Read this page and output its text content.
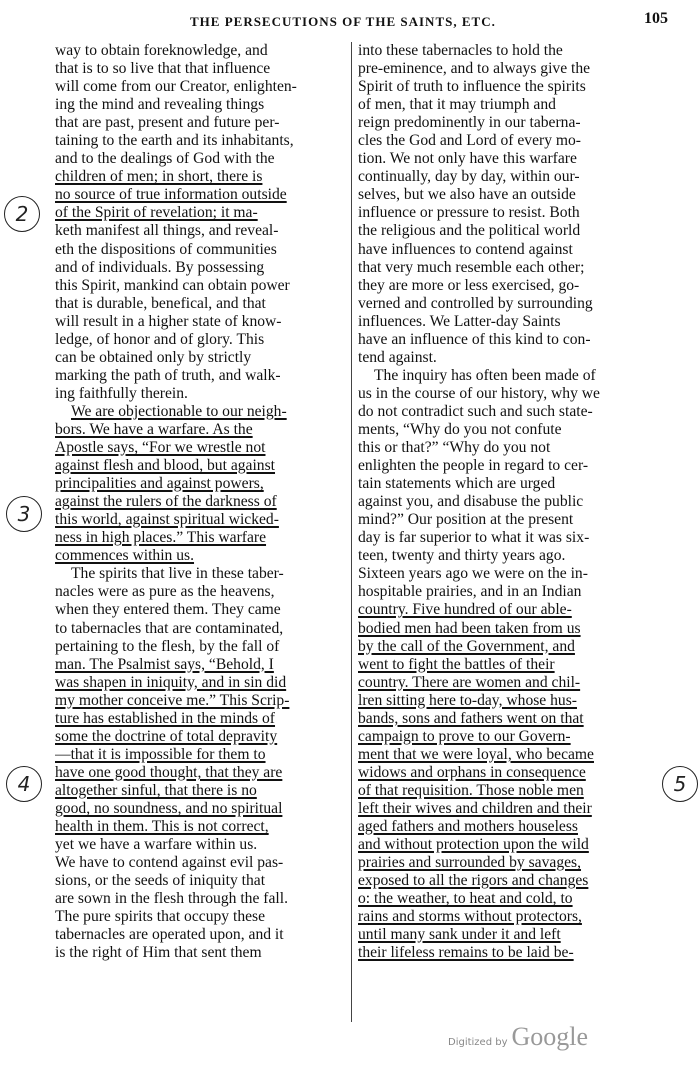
THE PERSECUTIONS OF THE SAINTS, ETC.	105
way to obtain foreknowledge, and
that is to so live that that influence
will come from our Creator, enlighten-
ing the mind and revealing things
that are past, present and future per-
taining to the earth and its inhabitants,
and to the dealings of God with the
children of men; in short, there is
no source of true information outside
of the Spirit of revelation; it ma-
keth manifest all things, and reveal-
eth the dispositions of communities
and of individuals. By possessing
this Spirit, mankind can obtain power
that is durable, benefical, and that
will result in a higher state of know-
ledge, of honor and of glory. This
can be obtained only by strictly
marking the path of truth, and walk-
ing faithfully therein.
We are objectionable to our neigh-
bors. We have a warfare. As the
Apostle says, “For we wrestle not
against flesh and blood, but against
principalities and against powers,
against the rulers of the darkness of
this world, against spiritual wicked-
ness in high places.” This warfare
commences within us.
The spirits that live in these taber-
nacles were as pure as the heavens,
when they entered them. They came
to tabernacles that are contaminated,
pertaining to the flesh, by the fall of
man. The Psalmist says, “Behold, I
was shapen in iniquity, and in sin did
my mother conceive me.” This Scrip-
ture has established in the minds of
some the doctrine of total depravity
—that it is impossible for them to
have one good thought, that they are
altogether sinful, that there is no
good, no soundness, and no spiritual
health in them. This is not correct,
yet we have a warfare within us.
We have to contend against evil pas-
sions, or the seeds of iniquity that
are sown in the flesh through the fall.
The pure spirits that occupy these
tabernacles are operated upon, and it
is the right of Him that sent them
into these tabernacles to hold the
pre-eminence, and to always give the
Spirit of truth to influence the spirits
of men, that it may triumph and
reign predominently in our taberna-
cles the God and Lord of every mo-
tion. We not only have this warfare
continually, day by day, within our-
selves, but we also have an outside
influence or pressure to resist. Both
the religious and the political world
have influences to contend against
that very much resemble each other;
they are more or less exercised, go-
verned and controlled by surrounding
influences. We Latter-day Saints
have an influence of this kind to con-
tend against.
The inquiry has often been made of
us in the course of our history, why we
do not contradict such and such state-
ments, “Why do you not confute
this or that?” “Why do you not
enlighten the people in regard to cer-
tain statements which are urged
against you, and disabuse the public
mind?” Our position at the present
day is far superior to what it was six-
teen, twenty and thirty years ago.
Sixteen years ago we were on the in-
hospitable prairies, and in an Indian
country. Five hundred of our able-
bodied men had been taken from us
by the call of the Government, and
went to fight the battles of their
country. There are women and chil-
lren sitting here to-day, whose hus-
bands, sons and fathers went on that
campaign to prove to our Govern-
ment that we were loyal, who became
widows and orphans in consequence
of that requisition. Those noble men
left their wives and children and their
aged fathers and mothers houseless
and without protection upon the wild
prairies and surrounded by savages,
exposed to all the rigors and changes
o: the weather, to heat and cold, to
rains and storms without protectors,
until many sank under it and left
their lifeless remains to be laid be-
2
3
4	5
Digitized by Google
